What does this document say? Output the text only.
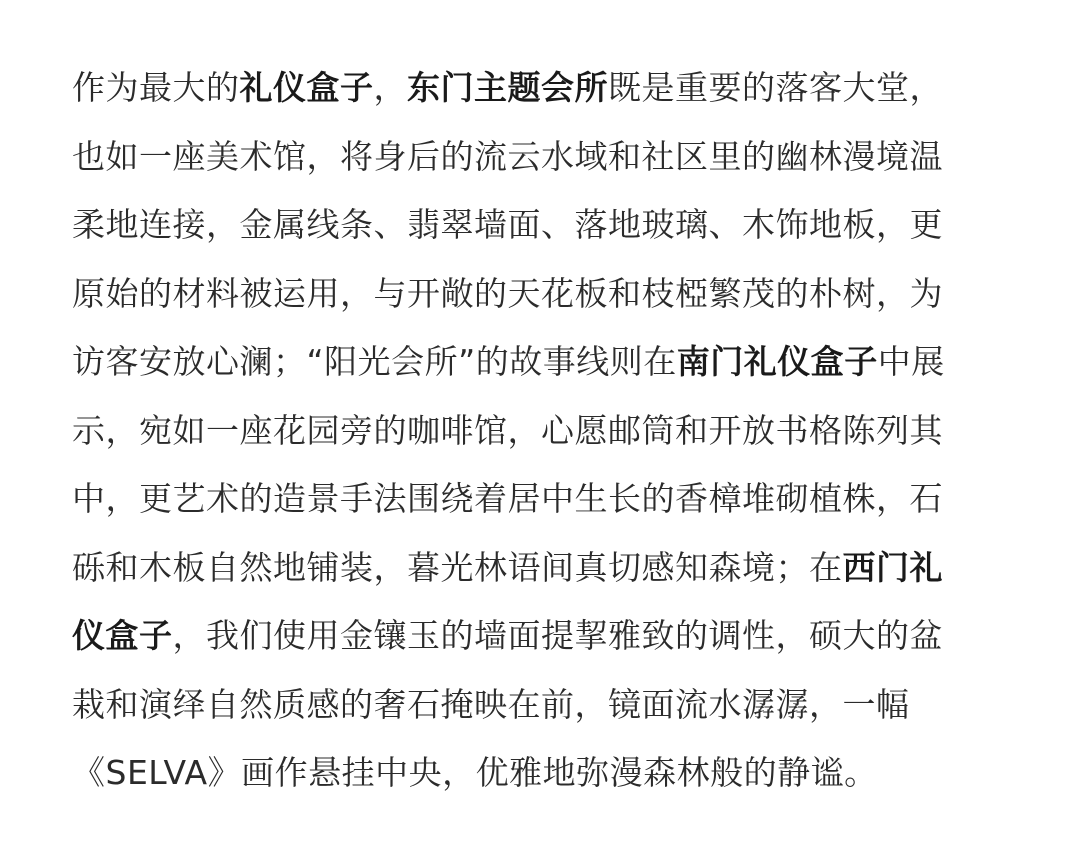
作为最大的礼仪盒子，东门主题会所既是重要的落客大堂，
也如一座美术馆，将身后的流云水域和社区里的幽林漫境温
柔地连接，金属线条、翡翠墙面、落地玻璃、木饰地板，更
原始的材料被运用，与开敞的天花板和枝椏繁茂的朴树，为
访客安放心澜；“阳光会所”的故事线则在南门礼仪盒子中展
示，宛如一座花园旁的咖啡馆，心愿邮筒和开放书格陈列其
中，更艺术的造景手法围绕着居中生长的香樟堆砌植株，石
砾和木板自然地铺装，暮光林语间真切感知森境；在西门礼
仪盒子，我们使用金镶玉的墙面提挈雅致的调性，硕大的盆
栽和演绎自然质感的奢石掩映在前，镜面流水潺潺，一幅
《SELVA》画作悬挂中央，优雅地弥漫森林般的静谧。
